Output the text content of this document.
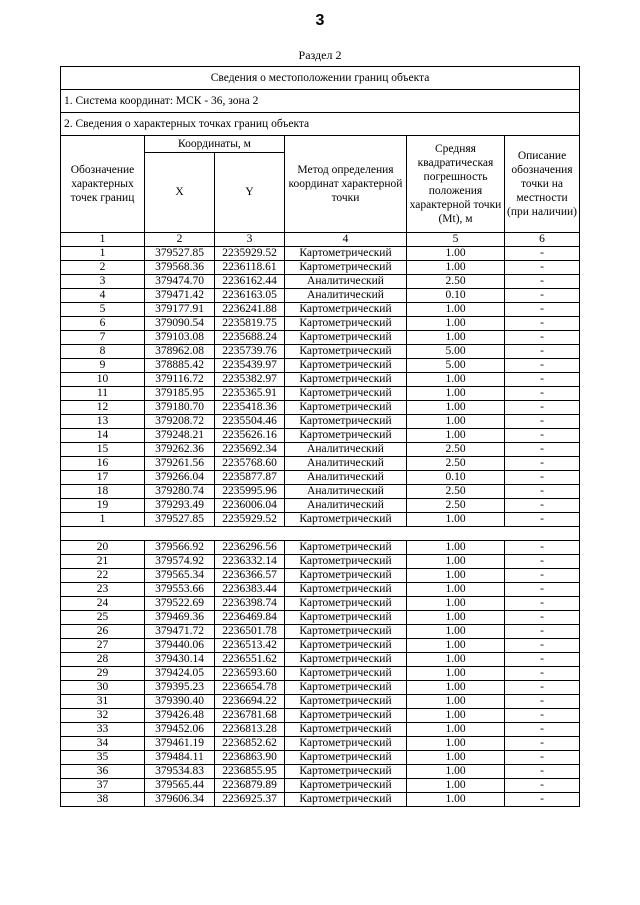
3
Раздел 2
Сведения о местоположении границ объекта					
1. Система координат: МСК - 36, зона 2					
2. Сведения о характерных точках границ объекта					
Обозначение характерных точек границ	Координаты, м		Метод определения координат характерной точки	Средняя квадратическая погрешность положения характерной точки (Mt), м	Описание обозначения точки на местности (при наличии)
	X	Y			
1	2	3	4	5	6
1	379527.85	2235929.52	Картометрический	1.00	-
2	379568.36	2236118.61	Картометрический	1.00	-
3	379474.70	2236162.44	Аналитический	2.50	-
4	379471.42	2236163.05	Аналитический	0.10	-
5	379177.91	2236241.88	Картометрический	1.00	-
6	379090.54	2235819.75	Картометрический	1.00	-
7	379103.08	2235688.24	Картометрический	1.00	-
8	378962.08	2235739.76	Картометрический	5.00	-
9	378885.42	2235439.97	Картометрический	5.00	-
10	379116.72	2235382.97	Картометрический	1.00	-
11	379185.95	2235365.91	Картометрический	1.00	-
12	379180.70	2235418.36	Картометрический	1.00	-
13	379208.72	2235504.46	Картометрический	1.00	-
14	379248.21	2235626.16	Картометрический	1.00	-
15	379262.36	2235692.34	Аналитический	2.50	-
16	379261.56	2235768.60	Аналитический	2.50	-
17	379266.04	2235877.87	Аналитический	0.10	-
18	379280.74	2235995.96	Аналитический	2.50	-
19	379293.49	2236006.04	Аналитический	2.50	-
1	379527.85	2235929.52	Картометрический	1.00	-

20	379566.92	2236296.56	Картометрический	1.00	-
21	379574.92	2236332.14	Картометрический	1.00	-
22	379565.34	2236366.57	Картометрический	1.00	-
23	379553.66	2236383.44	Картометрический	1.00	-
24	379522.69	2236398.74	Картометрический	1.00	-
25	379469.36	2236469.84	Картометрический	1.00	-
26	379471.72	2236501.78	Картометрический	1.00	-
27	379440.06	2236513.42	Картометрический	1.00	-
28	379430.14	2236551.62	Картометрический	1.00	-
29	379424.05	2236593.60	Картометрический	1.00	-
30	379395.23	2236654.78	Картометрический	1.00	-
31	379390.40	2236694.22	Картометрический	1.00	-
32	379426.48	2236781.68	Картометрический	1.00	-
33	379452.06	2236813.28	Картометрический	1.00	-
34	379461.19	2236852.62	Картометрический	1.00	-
35	379484.11	2236863.90	Картометрический	1.00	-
36	379534.83	2236855.95	Картометрический	1.00	-
37	379565.44	2236879.89	Картометрический	1.00	-
38	379606.34	2236925.37	Картометрический	1.00	-
